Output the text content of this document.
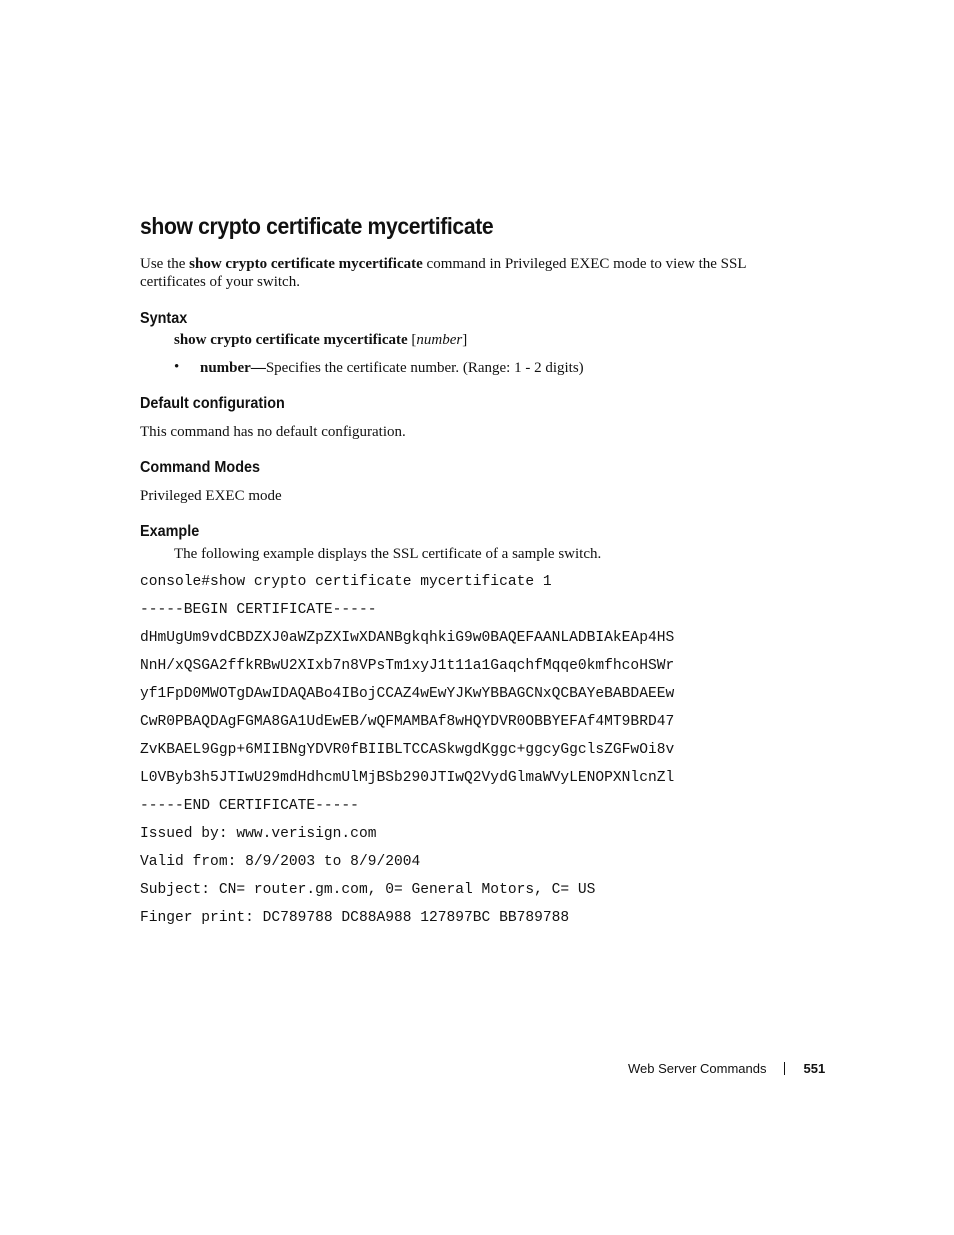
show crypto certificate mycertificate

Use the show crypto certificate mycertificate command in Privileged EXEC mode to view the SSL
certificates of your switch.

Syntax

show crypto certificate mycertificate [number]

• number—Specifies the certificate number. (Range: 1 - 2 digits)

Default configuration

This command has no default configuration.

Command Modes

Privileged EXEC mode

Example

The following example displays the SSL certificate of a sample switch.

console#show crypto certificate mycertificate 1
-----BEGIN CERTIFICATE-----
dHmUgUm9vdCBDZXJ0aWZpZXIwXDANBgkqhkiG9w0BAQEFAANLADBIAkEAp4HS
NnH/xQSGA2ffkRBwU2XIxb7n8VPsTm1xyJ1t11a1GaqchfMqqe0kmfhcoHSWr
yf1FpD0MWOTgDAwIDAQABo4IBojCCAZ4wEwYJKwYBBAGCNxQCBAYeBABDAEEw
CwR0PBAQDAgFGMA8GA1UdEwEB/wQFMAMBAf8wHQYDVR0OBBYEFAf4MT9BRD47
ZvKBAEL9Ggp+6MIIBNgYDVR0fBIIBLTCCASkwgdKggc+ggcyGgclsZGFwOi8v
L0VByb3h5JTIwU29mdHdhcmUlMjBSb290JTIwQ2VydGlmaWVyLENOPXNlcnZl
-----END CERTIFICATE-----
Issued by: www.verisign.com
Valid from: 8/9/2003 to 8/9/2004
Subject: CN= router.gm.com, 0= General Motors, C= US
Finger print: DC789788 DC88A988 127897BC BB789788
Web Server Commands	551
